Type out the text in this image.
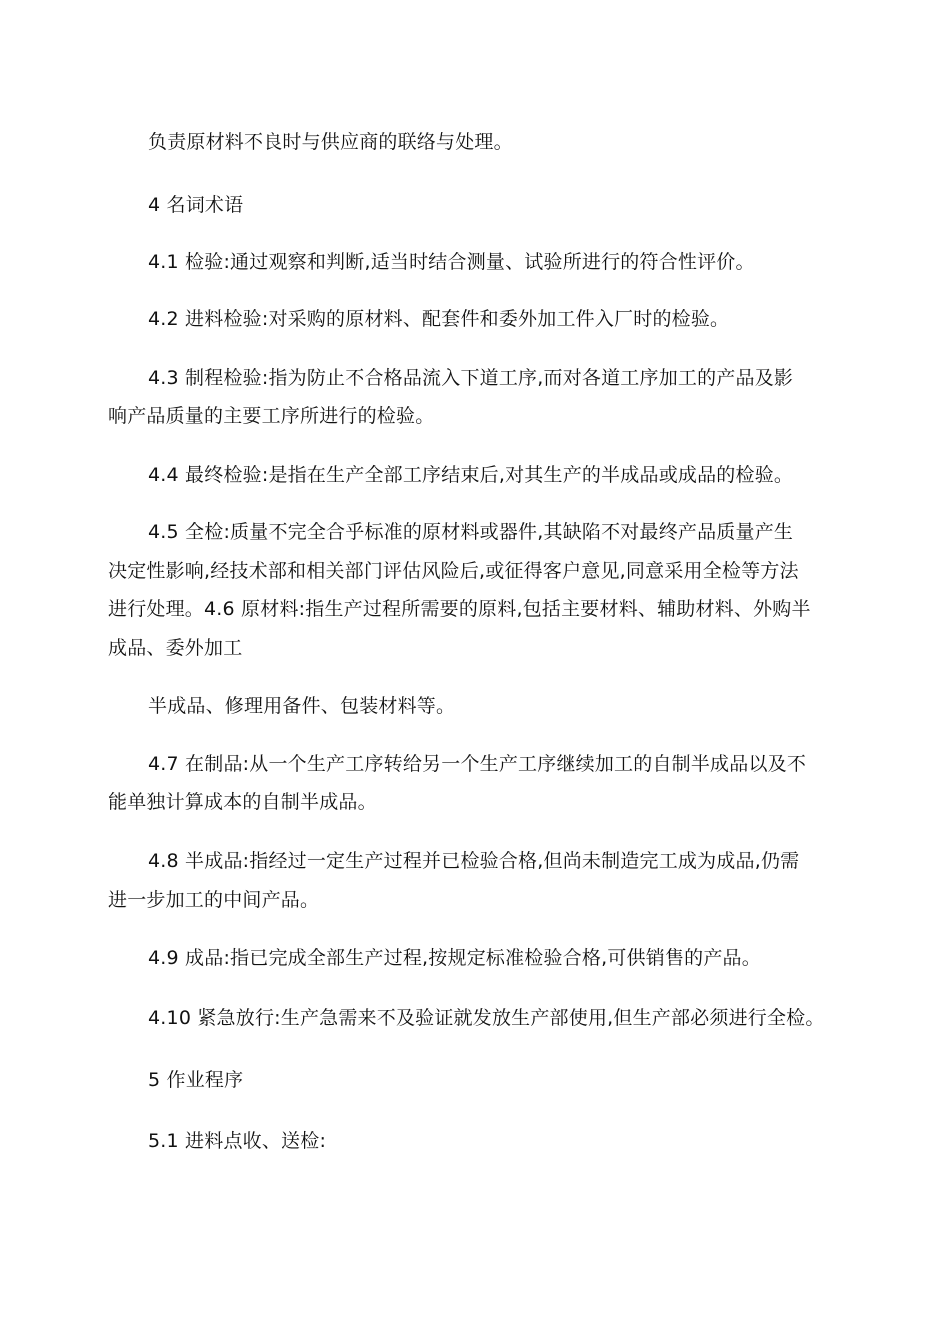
负责原材料不良时与供应商的联络与处理。
4 名词术语
4.1 检验:通过观察和判断,适当时结合测量、试验所进行的符合性评价。
4.2 进料检验:对采购的原材料、配套件和委外加工件入厂时的检验。
4.3 制程检验:指为防止不合格品流入下道工序,而对各道工序加工的产品及影
响产品质量的主要工序所进行的检验。
4.4 最终检验:是指在生产全部工序结束后,对其生产的半成品或成品的检验。
4.5 全检:质量不完全合乎标准的原材料或器件,其缺陷不对最终产品质量产生
决定性影响,经技术部和相关部门评估风险后,或征得客户意见,同意采用全检等方法
进行处理。4.6 原材料:指生产过程所需要的原料,包括主要材料、辅助材料、外购半
成品、委外加工
半成品、修理用备件、包装材料等。
4.7 在制品:从一个生产工序转给另一个生产工序继续加工的自制半成品以及不
能单独计算成本的自制半成品。
4.8 半成品:指经过一定生产过程并已检验合格,但尚未制造完工成为成品,仍需
进一步加工的中间产品。
4.9 成品:指已完成全部生产过程,按规定标准检验合格,可供销售的产品。
4.10 紧急放行:生产急需来不及验证就发放生产部使用,但生产部必须进行全检。
5 作业程序
5.1 进料点收、送检:
